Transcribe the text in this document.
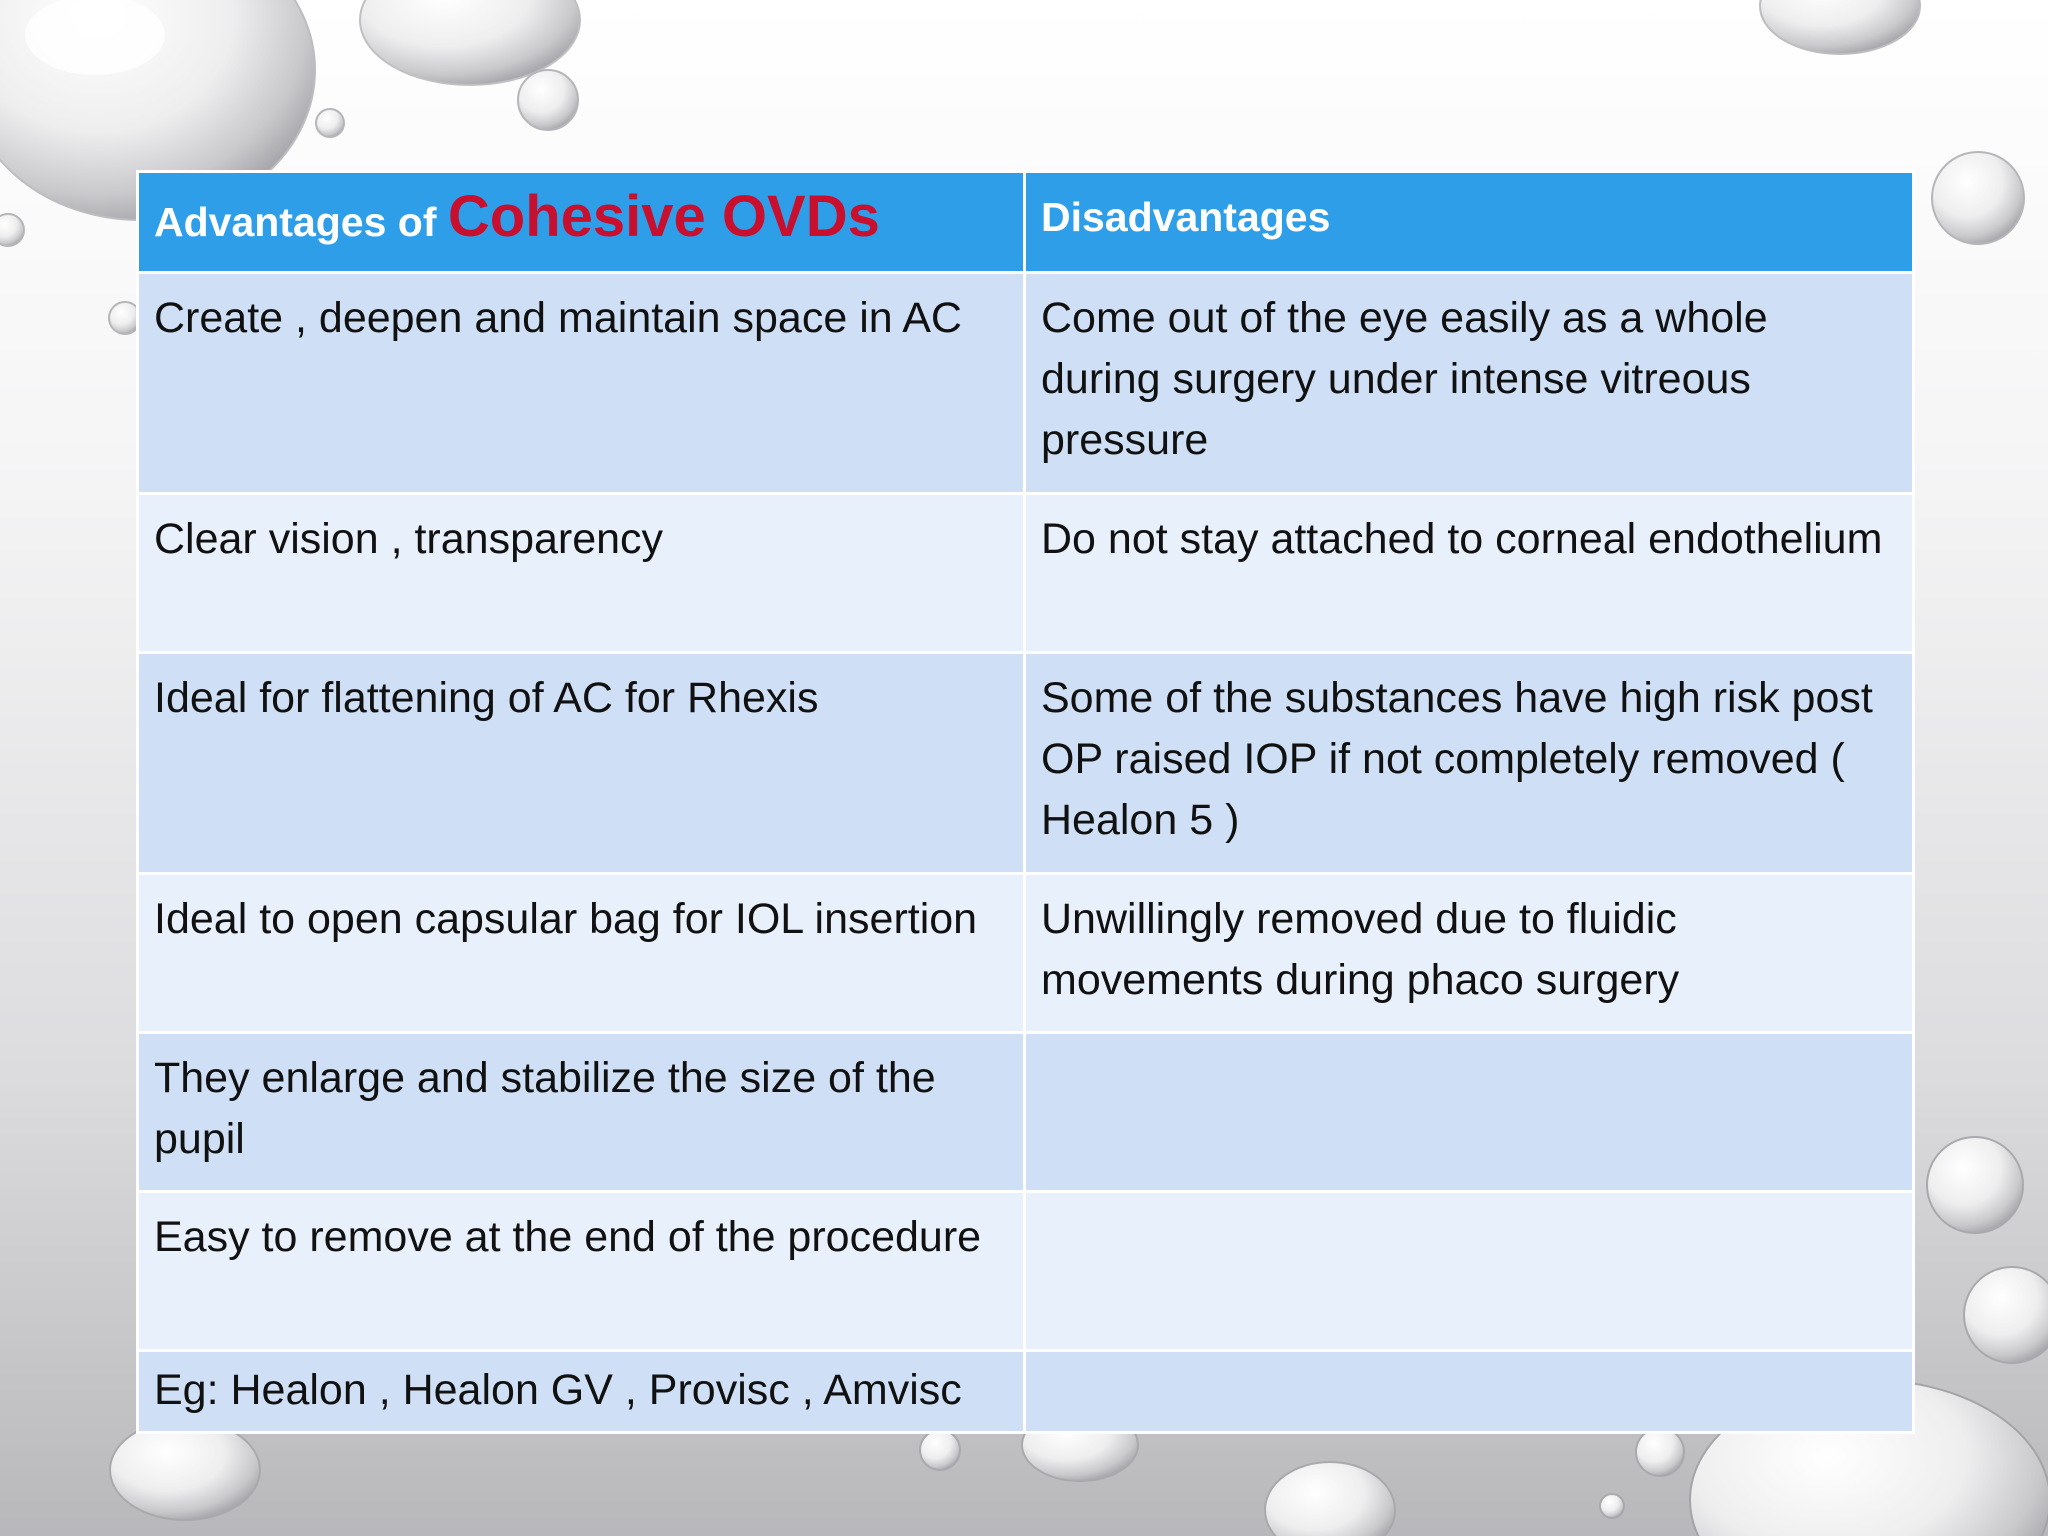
Advantages of Cohesive OVDs	Disadvantages
Create , deepen and maintain space in AC	Come out of the eye easily as a whole during surgery under intense vitreous pressure
Clear vision , transparency	Do not stay attached to corneal endothelium
Ideal for flattening of AC for Rhexis	Some of the substances have high risk post OP raised IOP if not completely removed ( Healon 5 )
Ideal to open capsular bag for IOL insertion	Unwillingly removed due to fluidic movements during phaco surgery
They enlarge and stabilize the size of the pupil	
Easy to remove at the end of the procedure	
Eg: Healon , Healon GV , Provisc , Amvisc	
